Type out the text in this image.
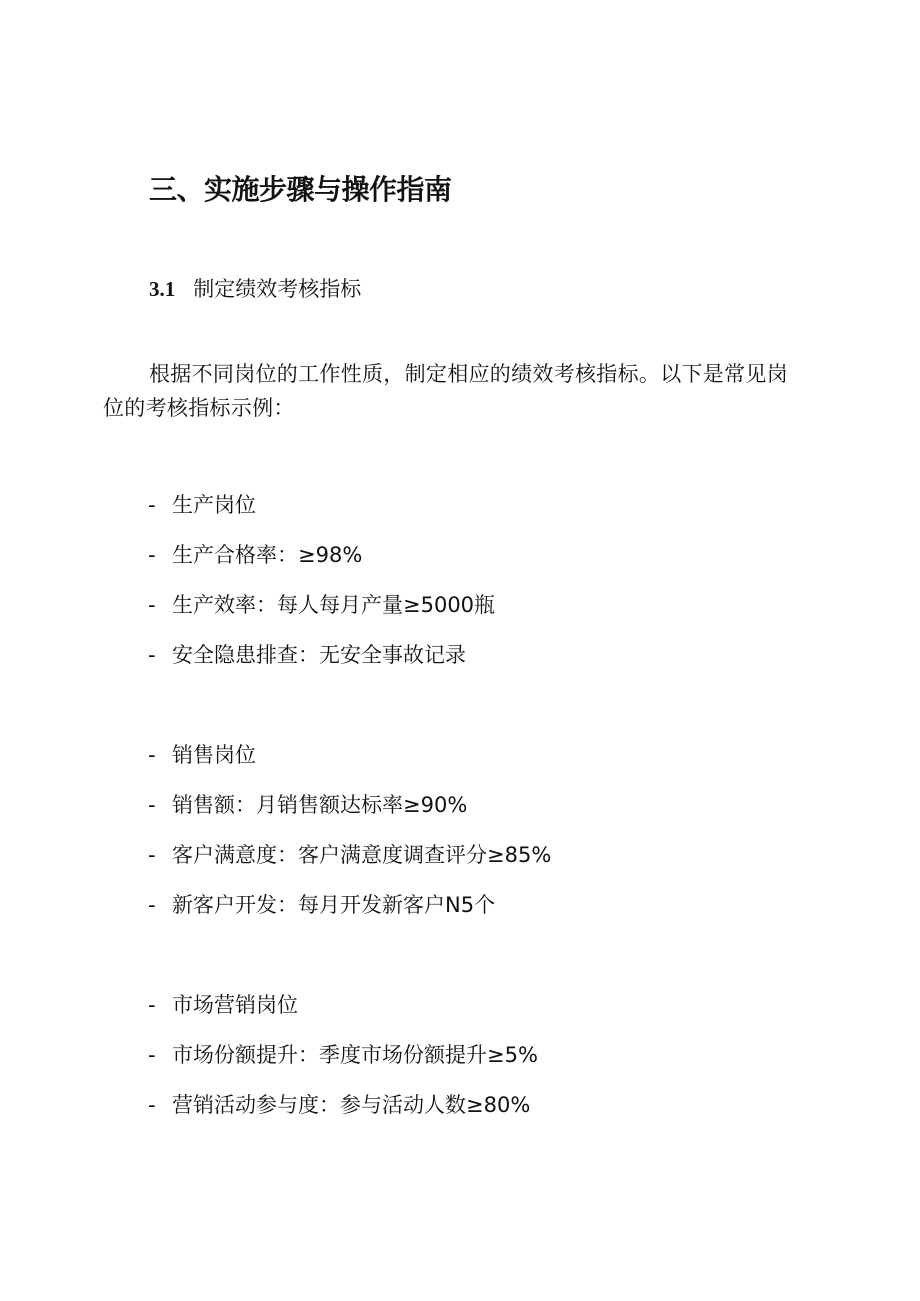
三、实施步骤与操作指南
3.1 制定绩效考核指标
根据不同岗位的工作性质，制定相应的绩效考核指标。以下是常见岗位的考核指标示例：
- 生产岗位
- 生产合格率：≥98%
- 生产效率：每人每月产量≥5000瓶
- 安全隐患排查：无安全事故记录
- 销售岗位
- 销售额：月销售额达标率≥90%
- 客户满意度：客户满意度调查评分≥85%
- 新客户开发：每月开发新客户N5个
- 市场营销岗位
- 市场份额提升：季度市场份额提升≥5%
- 营销活动参与度：参与活动人数≥80%
